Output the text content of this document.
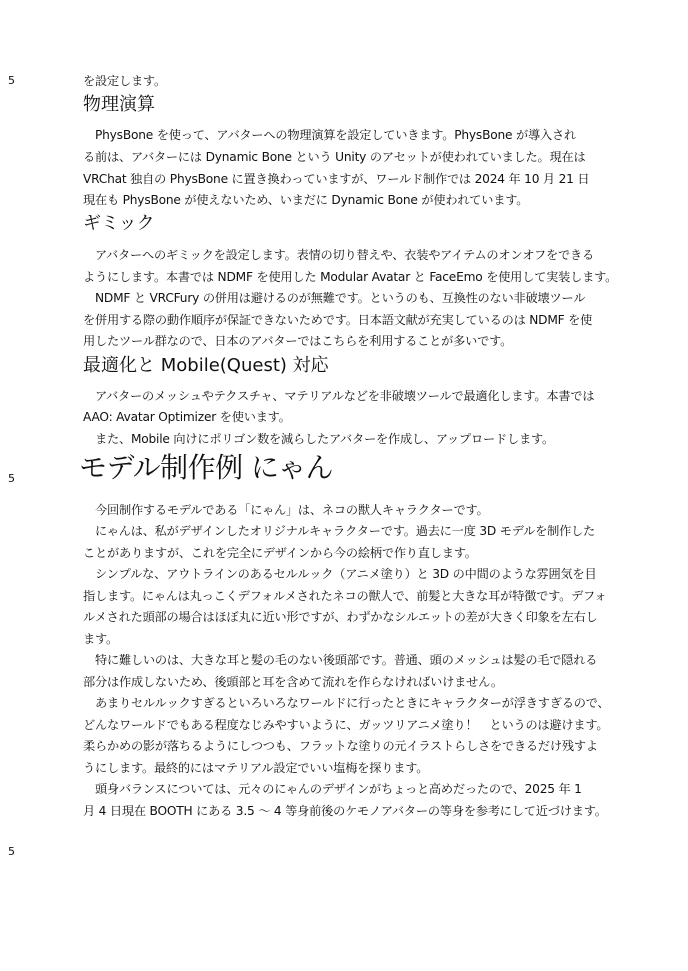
5
5
5
を設定します。
物理演算
　PhysBone を使って、アバターへの物理演算を設定していきます。PhysBone が導入され
る前は、アバターには Dynamic Bone という Unity のアセットが使われていました。現在は
VRChat 独自の PhysBone に置き換わっていますが、ワールド制作では 2024 年 10 月 21 日
現在も PhysBone が使えないため、いまだに Dynamic Bone が使われています。
ギミック
　アバターへのギミックを設定します。表情の切り替えや、衣装やアイテムのオンオフをできる
ようにします。本書では NDMF を使用した Modular Avatar と FaceEmo を使用して実装します。
　NDMF と VRCFury の併用は避けるのが無難です。というのも、互換性のない非破壊ツール
を併用する際の動作順序が保証できないためです。日本語文献が充実しているのは NDMF を使
用したツール群なので、日本のアバターではこちらを利用することが多いです。
最適化と Mobile(Quest) 対応
　アバターのメッシュやテクスチャ、マテリアルなどを非破壊ツールで最適化します。本書では
AAO: Avatar Optimizer を使います。
　また、Mobile 向けにポリゴン数を減らしたアバターを作成し、アップロードします。
モデル制作例 にゃん
　今回制作するモデルである「にゃん」は、ネコの獣人キャラクターです。
　にゃんは、私がデザインしたオリジナルキャラクターです。過去に一度 3D モデルを制作した
ことがありますが、これを完全にデザインから今の絵柄で作り直します。
　シンプルな、アウトラインのあるセルルック（アニメ塗り）と 3D の中間のような雰囲気を目
指します。にゃんは丸っこくデフォルメされたネコの獣人で、前髪と大きな耳が特徴です。デフォ
ルメされた頭部の場合はほぼ丸に近い形ですが、わずかなシルエットの差が大きく印象を左右し
ます。
　特に難しいのは、大きな耳と髪の毛のない後頭部です。普通、頭のメッシュは髪の毛で隠れる
部分は作成しないため、後頭部と耳を含めて流れを作らなければいけません。
　あまりセルルックすぎるといろいろなワールドに行ったときにキャラクターが浮きすぎるので、
どんなワールドでもある程度なじみやすいように、ガッツリアニメ塗り！　というのは避けます。
柔らかめの影が落ちるようにしつつも、フラットな塗りの元イラストらしさをできるだけ残すよ
うにします。最終的にはマテリアル設定でいい塩梅を探ります。
　頭身バランスについては、元々のにゃんのデザインがちょっと高めだったので、2025 年 1
月 4 日現在 BOOTH にある 3.5 ～ 4 等身前後のケモノアバターの等身を参考にして近づけます。
